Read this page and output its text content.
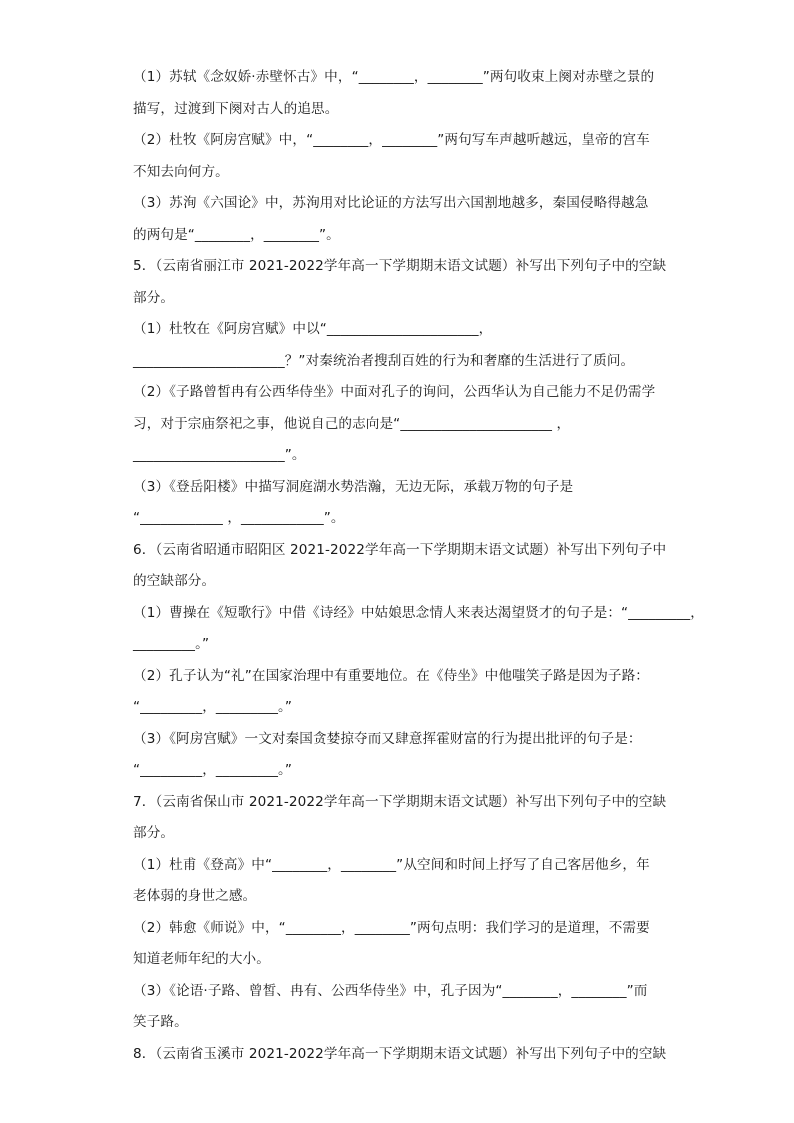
（1）苏轼《念奴娇·赤壁怀古》中，“________，________”两句收束上阕对赤壁之景的
描写，过渡到下阕对古人的追思。
（2）杜牧《阿房宫赋》中，“________，________”两句写车声越听越远，皇帝的宫车
不知去向何方。
（3）苏洵《六国论》中，苏洵用对比论证的方法写出六国割地越多，秦国侵略得越急
的两句是“________，________”。
5．（云南省丽江市 2021-2022学年高一下学期期末语文试题）补写出下列句子中的空缺
部分。
（1）杜牧在《阿房宫赋》中以“______________________，
______________________？”对秦统治者搜刮百姓的行为和奢靡的生活进行了质问。
（2）《子路曾皙冉有公西华侍坐》中面对孔子的询问，公西华认为自己能力不足仍需学
习，对于宗庙祭祀之事，他说自己的志向是“______________________ ，
______________________”。
（3）《登岳阳楼》中描写洞庭湖水势浩瀚，无边无际，承载万物的句子是
“____________ ，____________”。
6．（云南省昭通市昭阳区 2021-2022学年高一下学期期末语文试题）补写出下列句子中
的空缺部分。
（1）曹操在《短歌行》中借《诗经》中姑娘思念情人来表达渴望贤才的句子是：“_________，
_________。”
（2）孔子认为“礼”在国家治理中有重要地位。在《侍坐》中他嗤笑子路是因为子路：
“_________，_________。”
（3）《阿房宫赋》一文对秦国贪婪掠夺而又肆意挥霍财富的行为提出批评的句子是：
“_________，_________。”
7．（云南省保山市 2021-2022学年高一下学期期末语文试题）补写出下列句子中的空缺
部分。
（1）杜甫《登高》中“________，________”从空间和时间上抒写了自己客居他乡，年
老体弱的身世之感。
（2）韩愈《师说》中，“________，________”两句点明：我们学习的是道理，不需要
知道老师年纪的大小。
（3）《论语·子路、曾皙、冉有、公西华侍坐》中，孔子因为“________，________”而
笑子路。
8．（云南省玉溪市 2021-2022学年高一下学期期末语文试题）补写出下列句子中的空缺
